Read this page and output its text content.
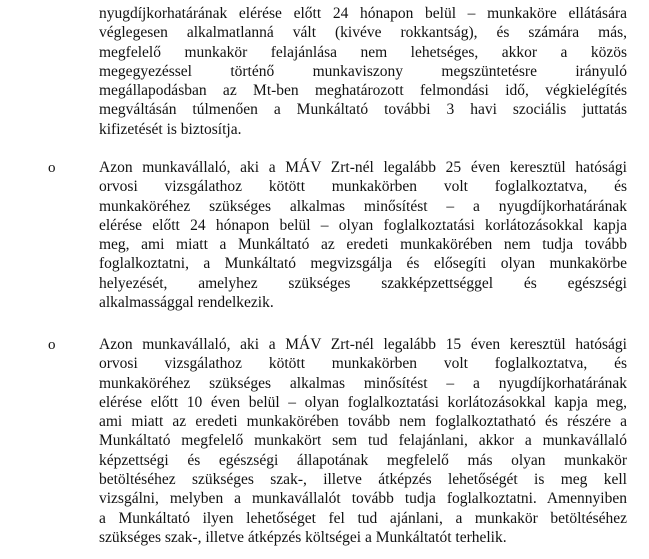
nyugdíjkorhatárának elérése előtt 24 hónapon belül – munkaköre ellátására
véglegesen alkalmatlanná vált (kivéve rokkantság), és számára más,
megfelelő munkakör felajánlása nem lehetséges, akkor a közös
megegyezéssel történő munkaviszony megszüntetésre irányuló
megállapodásban az Mt-ben meghatározott felmondási idő, végkielégítés
megváltásán túlmenően a Munkáltató további 3 havi szociális juttatás
kifizetését is biztosítja.
o	Azon munkavállaló, aki a MÁV Zrt-nél legalább 25 éven keresztül hatósági
orvosi vizsgálathoz kötött munkakörben volt foglalkoztatva, és
munkaköréhez szükséges alkalmas minősítést – a nyugdíjkorhatárának
elérése előtt 24 hónapon belül – olyan foglalkoztatási korlátozásokkal kapja
meg, ami miatt a Munkáltató az eredeti munkakörében nem tudja tovább
foglalkoztatni, a Munkáltató megvizsgálja és elősegíti olyan munkakörbe
helyezését, amelyhez szükséges szakképzettséggel és egészségi
alkalmassággal rendelkezik.
o	Azon munkavállaló, aki a MÁV Zrt-nél legalább 15 éven keresztül hatósági
orvosi vizsgálathoz kötött munkakörben volt foglalkoztatva, és
munkaköréhez szükséges alkalmas minősítést – a nyugdíjkorhatárának
elérése előtt 10 éven belül – olyan foglalkoztatási korlátozásokkal kapja meg,
ami miatt az eredeti munkakörében tovább nem foglalkoztatható és részére a
Munkáltató megfelelő munkakört sem tud felajánlani, akkor a munkavállaló
képzettségi és egészségi állapotának megfelelő más olyan munkakör
betöltéséhez szükséges szak-, illetve átképzés lehetőségét is meg kell
vizsgálni, melyben a munkavállalót tovább tudja foglalkoztatni. Amennyiben
a Munkáltató ilyen lehetőséget fel tud ajánlani, a munkakör betöltéséhez
szükséges szak-, illetve átképzés költségei a Munkáltatót terhelik.
